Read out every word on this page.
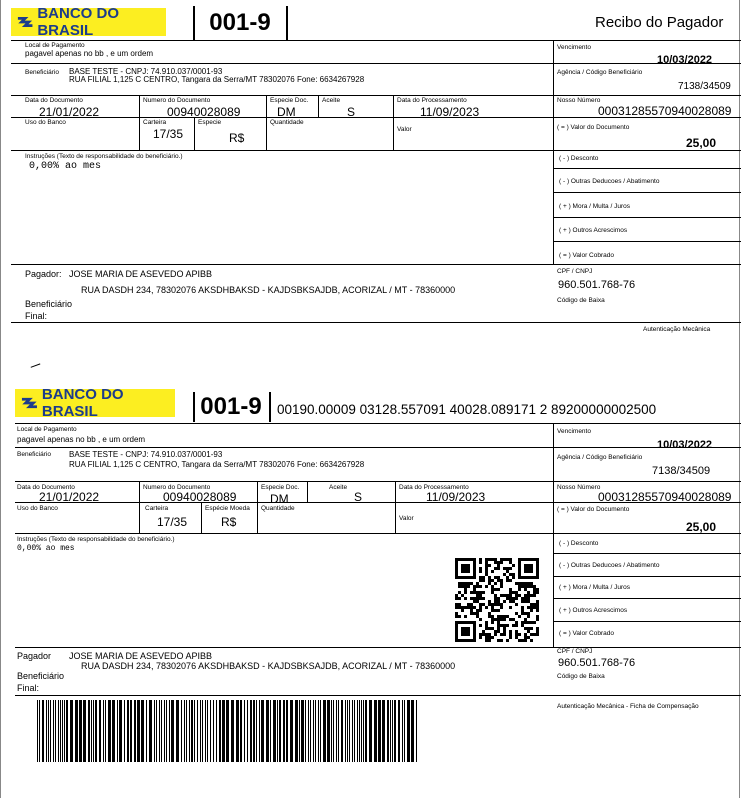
BANCO DO BRASIL	001-9	Recibo do Pagador
Local de Pagamento
pagavel apenas no bb , e um ordem
Vencimento
10/03/2022
Beneficiário BASE TESTE - CNPJ: 74.910.037/0001-93
RUA FILIAL 1,125 C CENTRO, Tangara da Serra/MT 78302076 Fone: 6634267928
Agência / Código Beneficiário
7138/34509
Data do Documento
21/01/2022
Numero do Documento
00940028089
Especie Doc.
DM
Aceite
S
Data do Processamento
11/09/2023
Nosso Número
00031285570940028089
Uso do Banco	Carteira
17/35
Especie
R$
Quantidade
Valor	( = ) Valor do Documento
25,00
Instruções (Texto de responsabilidade do beneficiário.)
0,00% ao mes
( - ) Desconto
( - ) Outras Deducoes / Abatimento
( + ) Mora / Multa / Juros
( + ) Outros Acrescimos
( = ) Valor Cobrado
Pagador: JOSE MARIA DE ASEVEDO APIBB
RUA DASDH 234, 78302076 AKSDHBAKSD - KAJDSBKSAJDB, ACORIZAL / MT - 78360000
Beneficiário
Final:
CPF / CNPJ
960.501.768-76
Código de Baixa
Autenticação Mecânica
BANCO DO BRASIL	001-9	00190.00009 03128.557091 40028.089171 2 89200000002500
Local de Pagamento
pagavel apenas no bb , e um ordem
Vencimento
10/03/2022
Beneficiário BASE TESTE - CNPJ: 74.910.037/0001-93
RUA FILIAL 1,125 C CENTRO, Tangara da Serra/MT 78302076 Fone: 6634267928
Agência / Código Beneficiário
7138/34509
Data do Documento
21/01/2022
Numero do Documento
00940028089
Especie Doc.
DM
Aceite
S
Data do Processamento
11/09/2023
Nosso Número
00031285570940028089
Uso do Banco	Carteira
17/35
Espécie Moeda
R$
Quantidade
Valor
( = ) Valor do Documento
25,00
Instruções (Texto de responsabilidade do beneficiário.)
0,00% ao mes
( - ) Desconto
( - ) Outras Deducoes / Abatimento
( + ) Mora / Multa / Juros
( + ) Outros Acrescimos
( = ) Valor Cobrado
Pagador JOSE MARIA DE ASEVEDO APIBB
RUA DASDH 234, 78302076 AKSDHBAKSD - KAJDSBKSAJDB, ACORIZAL / MT - 78360000
Beneficiário
Final:
CPF / CNPJ
960.501.768-76
Código de Baixa
Autenticação Mecânica - Ficha de Compensação
